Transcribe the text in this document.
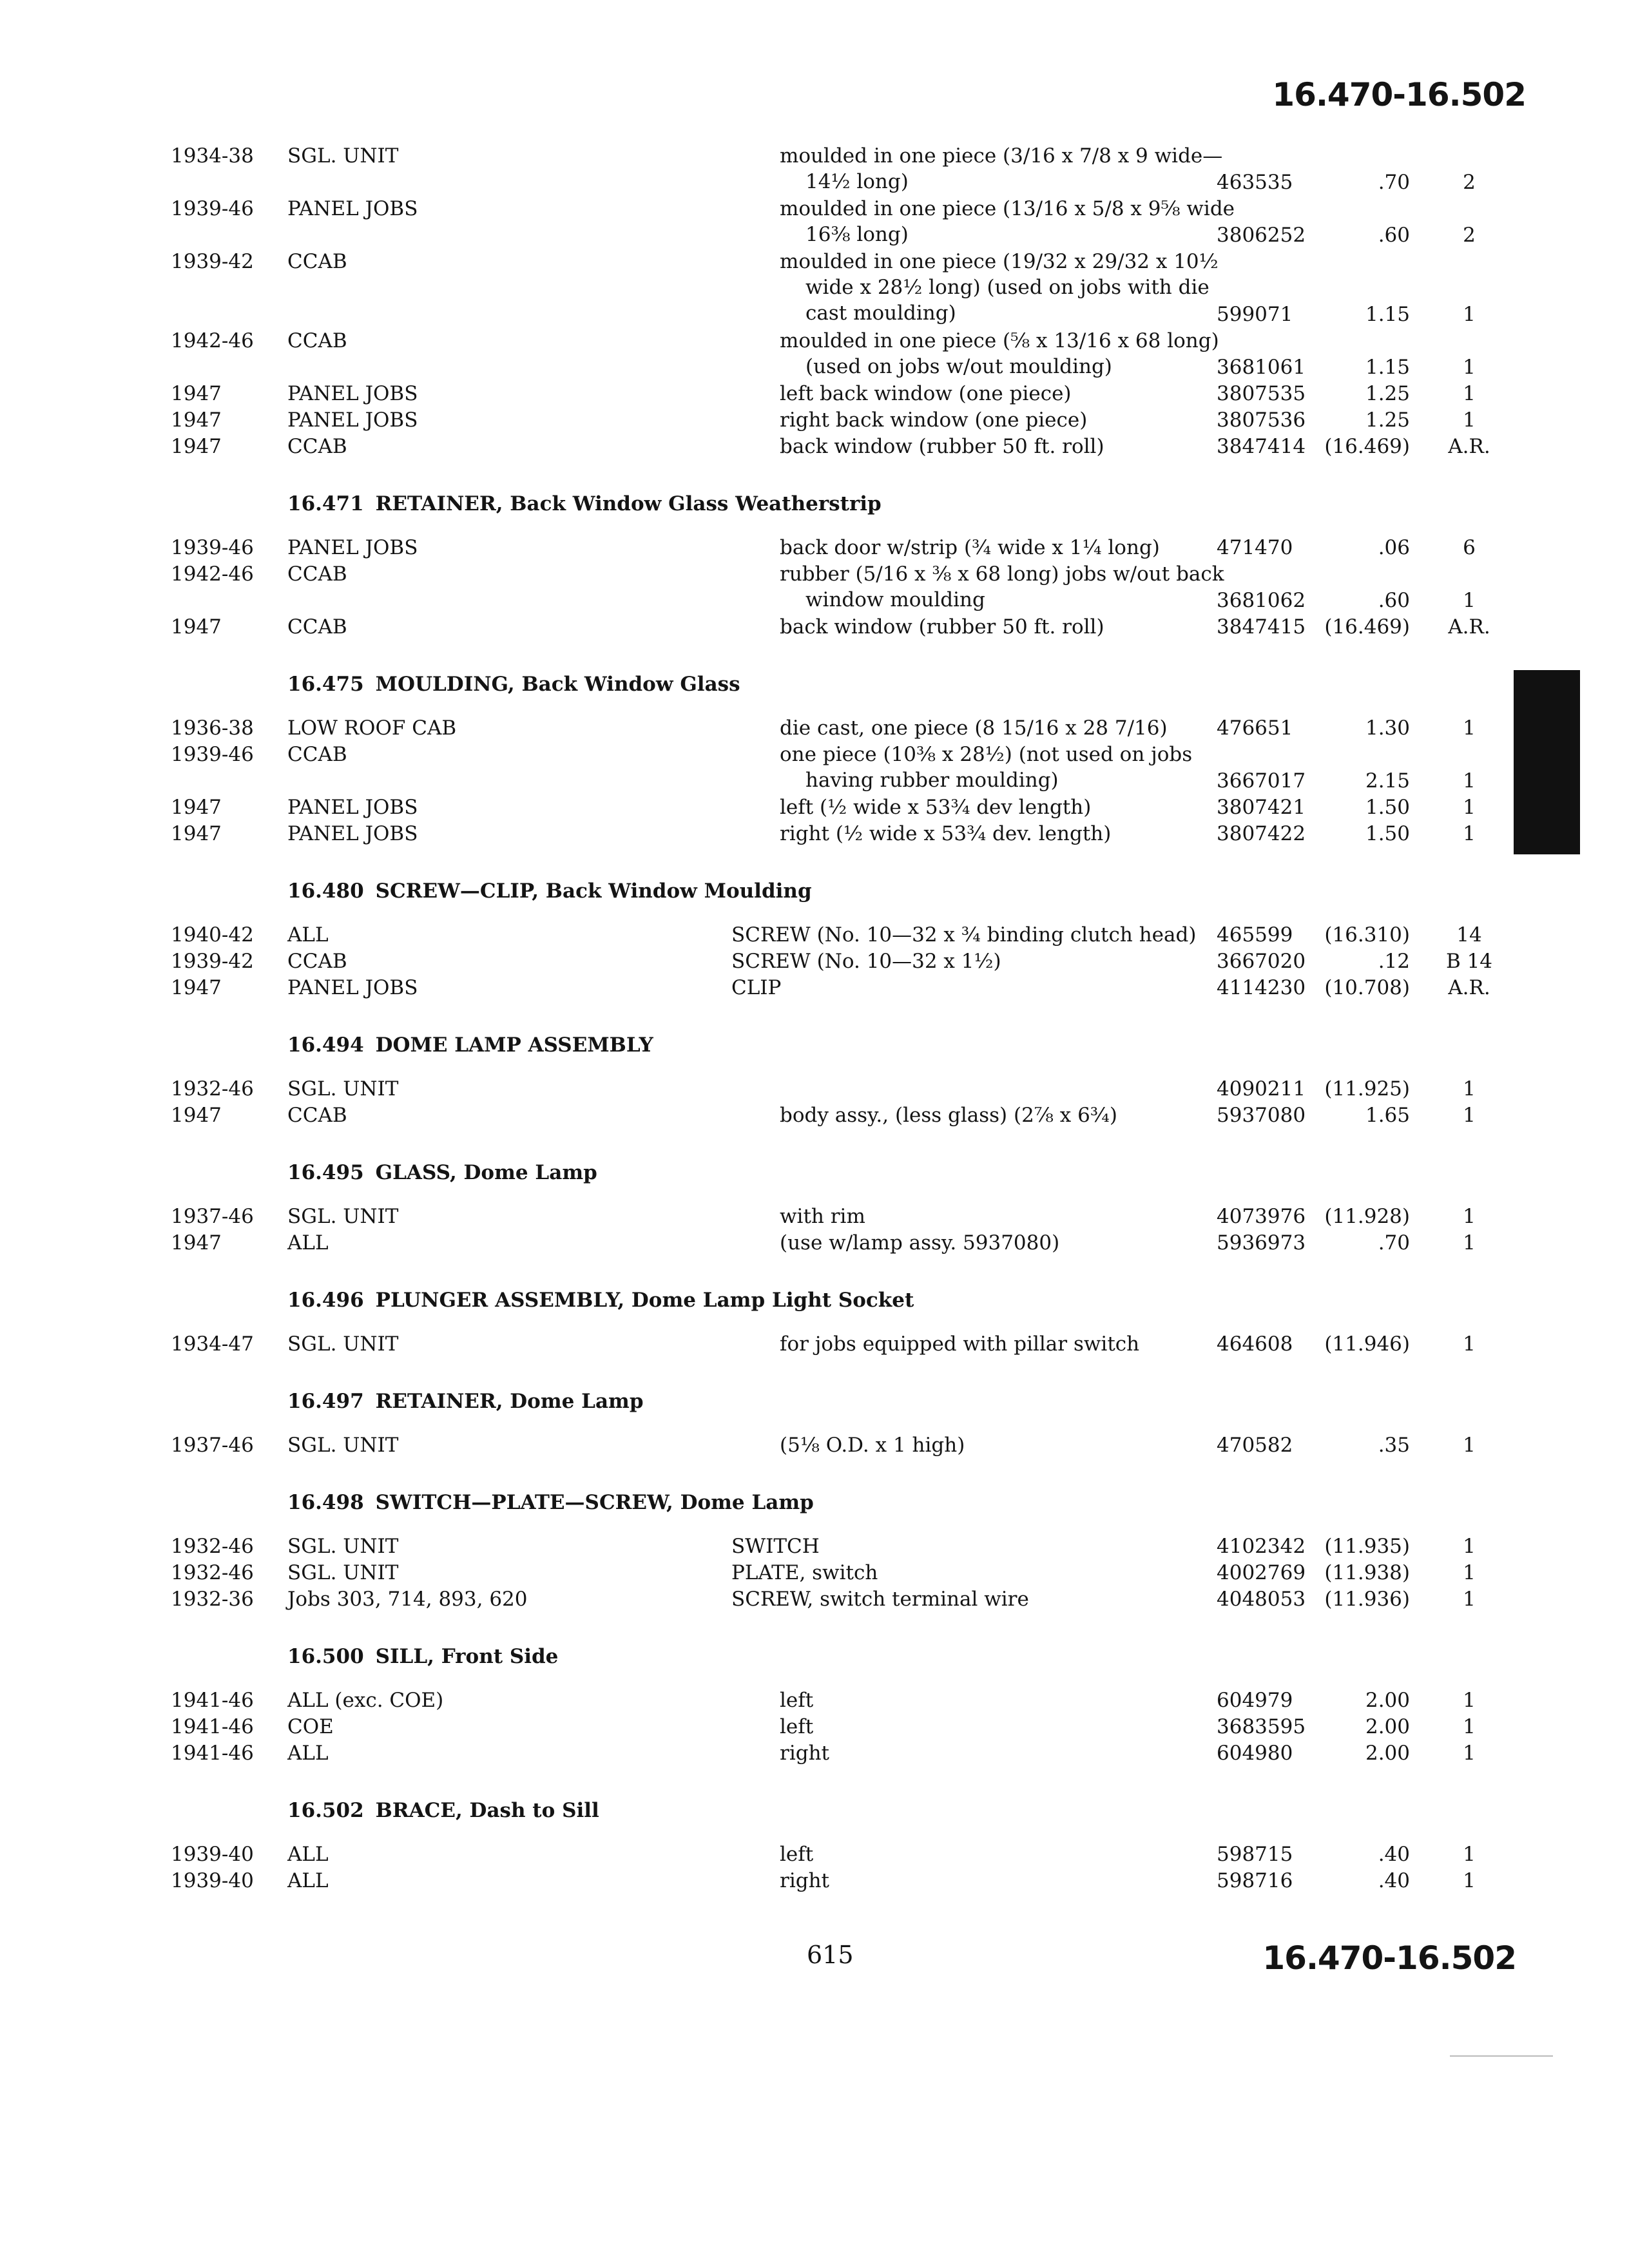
16.470-16.502
1934-38 SGL. UNIT	moulded in one piece (3/16 x 7/8 x 9 wide—
14½ long)	463535	.70	2
1939-46 PANEL JOBS	moulded in one piece (13/16 x 5/8 x 9⅝ wide
16⅜ long)	3806252	.60	2
1939-42 CCAB	moulded in one piece (19/32 x 29/32 x 10½
wide x 28½ long) (used on jobs with die
cast moulding)	599071	1.15	1
1942-46 CCAB	moulded in one piece (⅝ x 13/16 x 68 long)
(used on jobs w/out moulding)	3681061	1.15	1
1947	PANEL JOBS	left back window (one piece)	3807535	1.25	1
1947	PANEL JOBS	right back window (one piece)	3807536	1.25	1
1947	CCAB	back window (rubber 50 ft. roll)	3847414 (16.469)	A.R.
16.471 RETAINER, Back Window Glass Weatherstrip
1939-46 PANEL JOBS	back door w/strip (¾ wide x 1¼ long)	471470	.06	6
1942-46 CCAB	rubber (5/16 x ⅜ x 68 long) jobs w/out back
window moulding	3681062	.60	1
1947	CCAB	back window (rubber 50 ft. roll)	3847415 (16.469)	A.R.
16.475 MOULDING, Back Window Glass
1936-38 LOW ROOF CAB	die cast, one piece (8 15/16 x 28 7/16)	476651	1.30	1
1939-46 CCAB	one piece (10⅜ x 28½) (not used on jobs
having rubber moulding)	3667017	2.15	1
1947	PANEL JOBS	left (½ wide x 53¾ dev length)	3807421	1.50	1
1947	PANEL JOBS	right (½ wide x 53¾ dev. length)	3807422	1.50	1
16.480 SCREW—CLIP, Back Window Moulding
1940-42 ALL	SCREW (No. 10—32 x ¾ binding clutch head)	465599 (16.310)	14
1939-42 CCAB	SCREW (No. 10—32 x 1½)	3667020	.12	B 14
1947	PANEL JOBS	CLIP	4114230 (10.708)	A.R.
16.494 DOME LAMP ASSEMBLY
1932-46 SGL. UNIT	4090211 (11.925)	1
1947	CCAB	body assy., (less glass) (2⅞ x 6¾)	5937080	1.65	1
16.495 GLASS, Dome Lamp
1937-46 SGL. UNIT	with rim	4073976 (11.928)	1
1947	ALL	(use w/lamp assy. 5937080)	5936973	.70	1
16.496 PLUNGER ASSEMBLY, Dome Lamp Light Socket
1934-47 SGL. UNIT	for jobs equipped with pillar switch	464608 (11.946)	1
16.497 RETAINER, Dome Lamp
1937-46 SGL. UNIT	(5⅛ O.D. x 1 high)	470582	.35	1
16.498 SWITCH—PLATE—SCREW, Dome Lamp
1932-46 SGL. UNIT	SWITCH	4102342 (11.935)	1
1932-46 SGL. UNIT	PLATE, switch	4002769 (11.938)	1
1932-36 Jobs 303, 714, 893, 620	SCREW, switch terminal wire	4048053 (11.936)	1
16.500 SILL, Front Side
1941-46 ALL (exc. COE)	left	604979	2.00	1
1941-46 COE	left	3683595	2.00	1
1941-46 ALL	right	604980	2.00	1
16.502 BRACE, Dash to Sill
1939-40 ALL	left	598715	.40	1
1939-40 ALL	right	598716	.40	1
615	16.470-16.502
